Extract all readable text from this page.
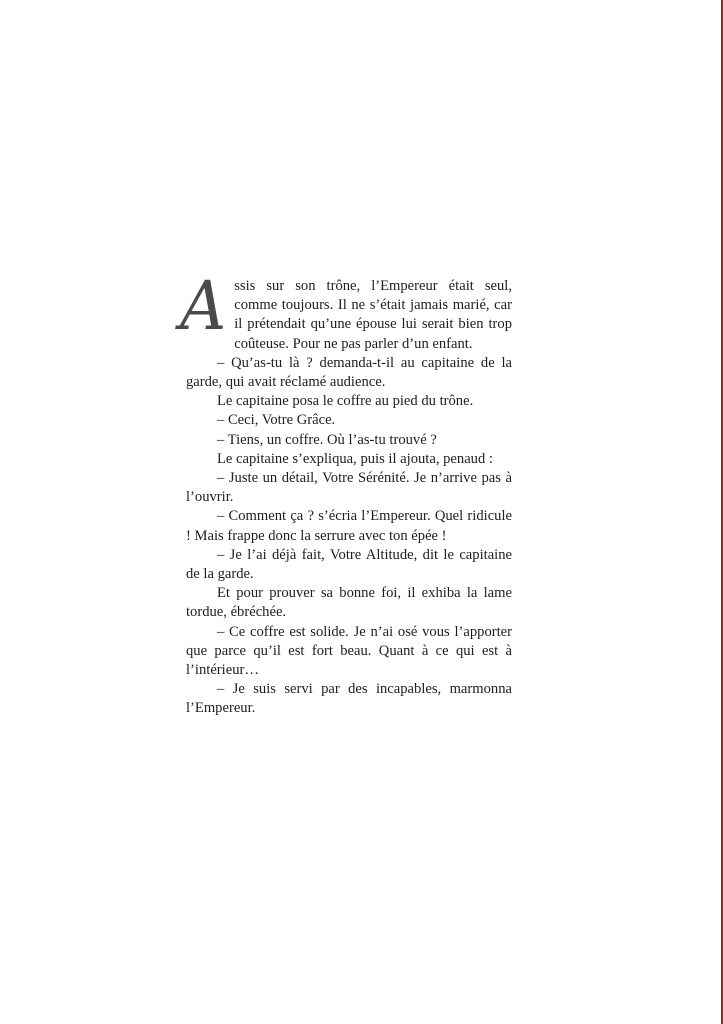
Assis sur son trône, l’Empereur était seul, comme toujours. Il ne s’était jamais marié, car il prétendait qu’une épouse lui serait bien trop coûteuse. Pour ne pas parler d’un enfant.

– Qu’as-tu là ? demanda-t-il au capitaine de la garde, qui avait réclamé audience.

Le capitaine posa le coffre au pied du trône.

– Ceci, Votre Grâce.

– Tiens, un coffre. Où l’as-tu trouvé ?

Le capitaine s’expliqua, puis il ajouta, penaud :

– Juste un détail, Votre Sérénité. Je n’arrive pas à l’ouvrir.

– Comment ça ? s’écria l’Empereur. Quel ridicule ! Mais frappe donc la serrure avec ton épée !

– Je l’ai déjà fait, Votre Altitude, dit le capitaine de la garde.

Et pour prouver sa bonne foi, il exhiba la lame tordue, ébréchée.

– Ce coffre est solide. Je n’ai osé vous l’apporter que parce qu’il est fort beau. Quant à ce qui est à l’intérieur…

– Je suis servi par des incapables, marmonna l’Empereur.
